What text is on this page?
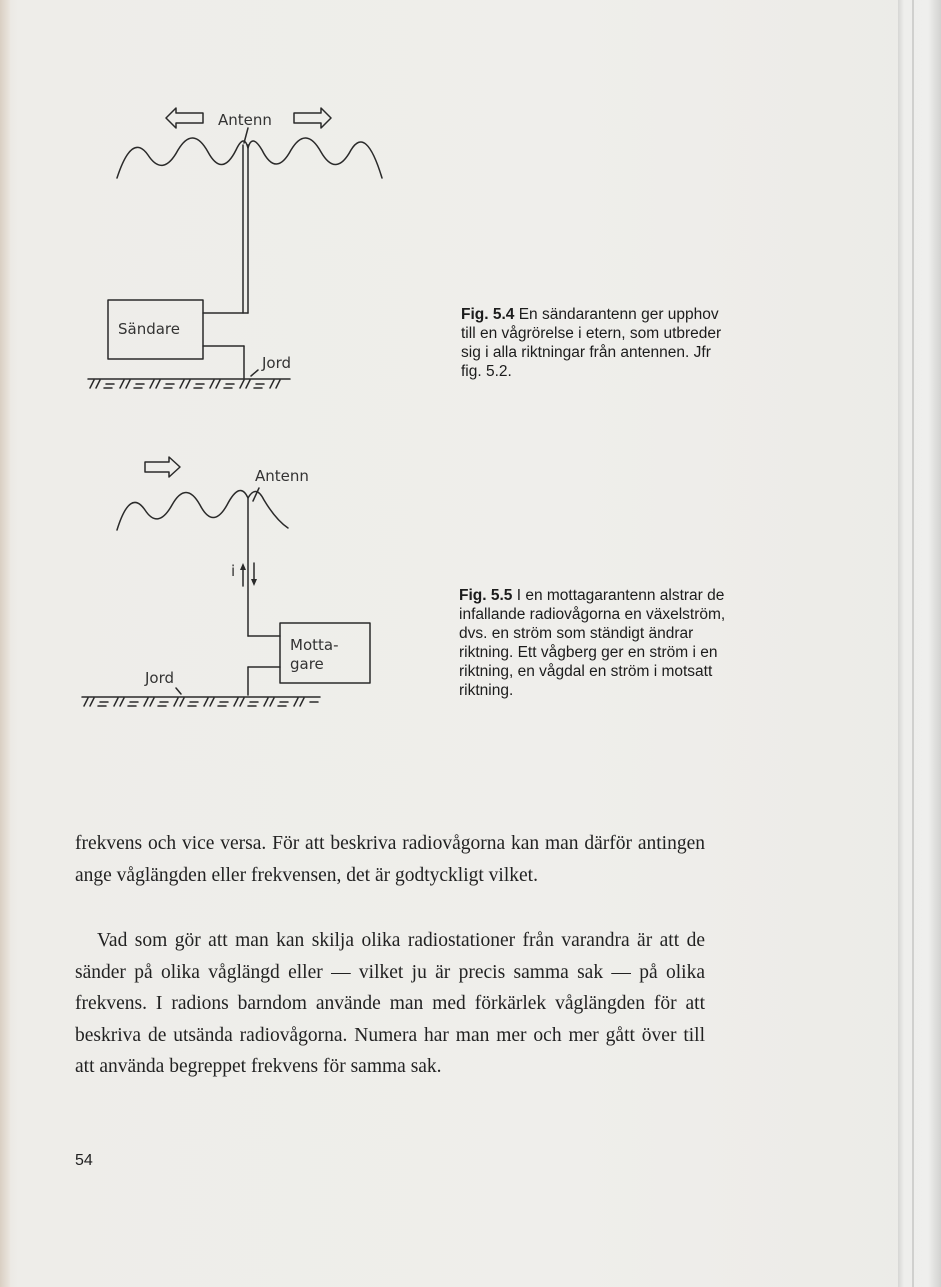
Antenn
Sändare
Jord
Fig. 5.4 En sändarantenn ger upphov till en vågrörelse i etern, som utbreder sig i alla riktningar från antennen. Jfr fig. 5.2.
Antenn
i
Motta-
gare
Jord
Fig. 5.5 I en mottagarantenn alstrar de infallande radiovågorna en växelström, dvs. en ström som ständigt ändrar riktning. Ett vågberg ger en ström i en riktning, en vågdal en ström i motsatt riktning.

frekvens och vice versa. För att beskriva radiovågorna kan man därför antingen ange våglängden eller frekvensen, det är godtyckligt vilket.

Vad som gör att man kan skilja olika radiostationer från varandra är att de sänder på olika våglängd eller — vilket ju är precis samma sak — på olika frekvens. I radions barndom använde man med förkärlek våglängden för att beskriva de utsända radiovågorna. Numera har man mer och mer gått över till att använda begreppet frekvens för samma sak.

54
